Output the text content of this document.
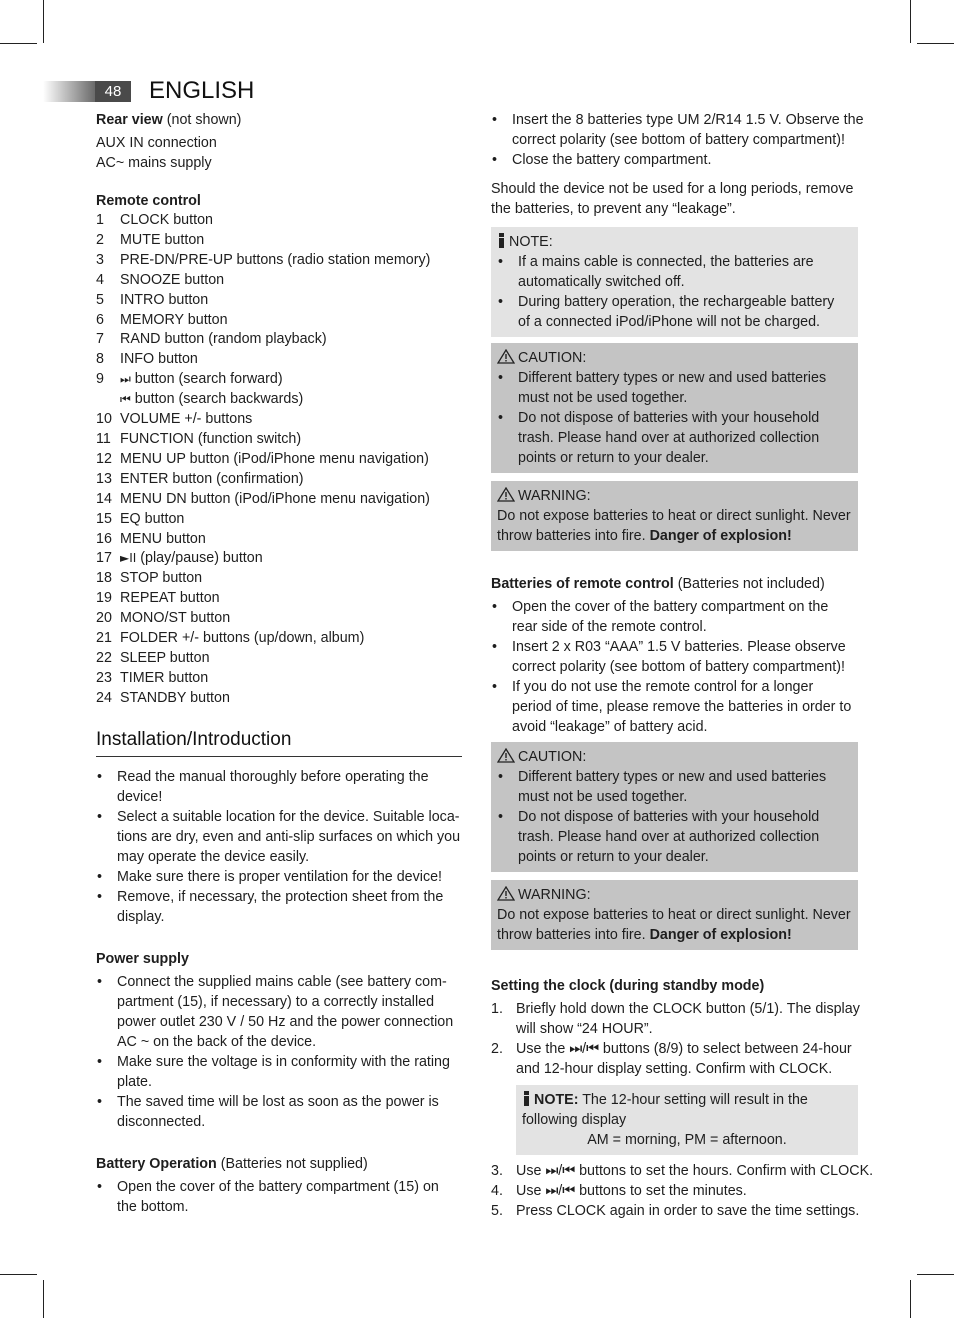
48	ENGLISH
Rear view (not shown)
AUX IN connection
AC~ mains supply
Remote control
1	CLOCK button
2	MUTE button
3	PRE-DN/PRE-UP buttons (radio station memory)
4	SNOOZE button
5	INTRO button
6	MEMORY button
7	RAND button (random playback)
8	INFO button
9	⏭ button (search forward)
⏮ button (search backwards)
10 VOLUME +/- buttons
11 FUNCTION (function switch)
12 MENU UP button (iPod/iPhone menu navigation)
13 ENTER button (confirmation)
14 MENU DN button (iPod/iPhone menu navigation)
15 EQ button
16 MENU button
17 ►II (play/pause) button
18 STOP button
19 REPEAT button
20 MONO/ST button
21 FOLDER +/- buttons (up/down, album)
22 SLEEP button
23 TIMER button
24 STANDBY button
Installation/Introduction
• Read the manual thoroughly before operating the
device!
• Select a suitable location for the device. Suitable loca-
tions are dry, even and anti-slip surfaces on which you
may operate the device easily.
• Make sure there is proper ventilation for the device!
• Remove, if necessary, the protection sheet from the
display.
Power supply
• Connect the supplied mains cable (see battery com-
partment (15), if necessary) to a correctly installed
power outlet 230 V / 50 Hz and the power connection
AC ~ on the back of the device.
• Make sure the voltage is in conformity with the rating
plate.
• The saved time will be lost as soon as the power is
disconnected.
Battery Operation (Batteries not supplied)
• Open the cover of the battery compartment (15) on
the bottom.
• Insert the 8 batteries type UM 2/R14 1.5 V. Observe the
correct polarity (see bottom of battery compartment)!
• Close the battery compartment.
Should the device not be used for a long periods, remove
the batteries, to prevent any “leakage”.
NOTE:
• If a mains cable is connected, the batteries are
automatically switched off.
• During battery operation, the rechargeable battery
of a connected iPod/iPhone will not be charged.
CAUTION:
• Different battery types or new and used batteries
must not be used together.
• Do not dispose of batteries with your household
trash. Please hand over at authorized collection
points or return to your dealer.
WARNING:
Do not expose batteries to heat or direct sunlight. Never
throw batteries into fire. Danger of explosion!
Batteries of remote control (Batteries not included)
• Open the cover of the battery compartment on the
rear side of the remote control.
• Insert 2 x R03 “AAA” 1.5 V batteries. Please observe
correct polarity (see bottom of battery compartment)!
• If you do not use the remote control for a longer
period of time, please remove the batteries in order to
avoid “leakage” of battery acid.
CAUTION:
• Different battery types or new and used batteries
must not be used together.
• Do not dispose of batteries with your household
trash. Please hand over at authorized collection
points or return to your dealer.
WARNING:
Do not expose batteries to heat or direct sunlight. Never
throw batteries into fire. Danger of explosion!
Setting the clock (during standby mode)
1. Briefly hold down the CLOCK button (5/1). The display
will show “24 HOUR”.
2. Use the ⏭/⏮ buttons (8/9) to select between 24-hour
and 12-hour display setting. Confirm with CLOCK.
NOTE: The 12-hour setting will result in the
following display
AM = morning, PM = afternoon.
3. Use ⏭/⏮ buttons to set the hours. Confirm with CLOCK.
4. Use ⏭/⏮ buttons to set the minutes.
5. Press CLOCK again in order to save the time settings.
